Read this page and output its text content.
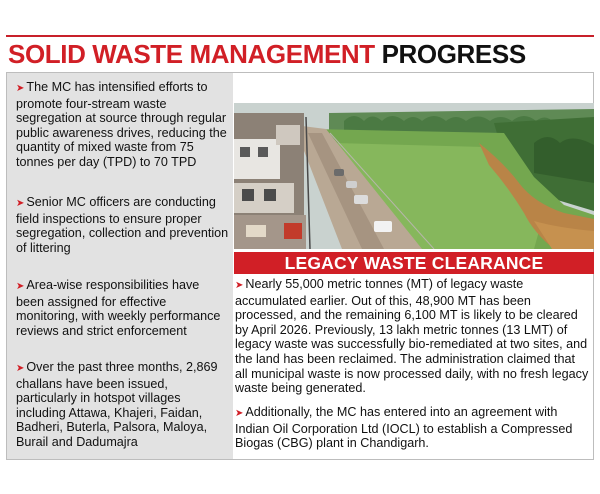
SOLID WASTE MANAGEMENT PROGRESS
➤ The MC has intensified efforts to promote four-stream waste segregation at source through regular public awareness drives, reducing the quantity of mixed waste from 75 tonnes per day (TPD) to 70 TPD
➤ Senior MC officers are conducting field inspections to ensure proper segregation, collection and prevention of littering
➤ Area-wise responsibilities have been assigned for effective monitoring, with weekly performance reviews and strict enforcement
➤ Over the past three months, 2,869 challans have been issued, particularly in hotspot villages including Attawa, Khajeri, Faidan, Badheri, Buterla, Palsora, Maloya, Burail and Dadumajra
LEGACY WASTE CLEARANCE
➤ Nearly 55,000 metric tonnes (MT) of legacy waste accumulated earlier. Out of this, 48,900 MT has been processed, and the remaining 6,100 MT is likely to be cleared by April 2026. Previously, 13 lakh metric tonnes (13 LMT) of legacy waste was successfully bio-remediated at two sites, and the land has been reclaimed. The administration claimed that all municipal waste is now processed daily, with no fresh legacy waste being generated.
➤ Additionally, the MC has entered into an agreement with Indian Oil Corporation Ltd (IOCL) to establish a Compressed Biogas (CBG) plant in Chandigarh.
